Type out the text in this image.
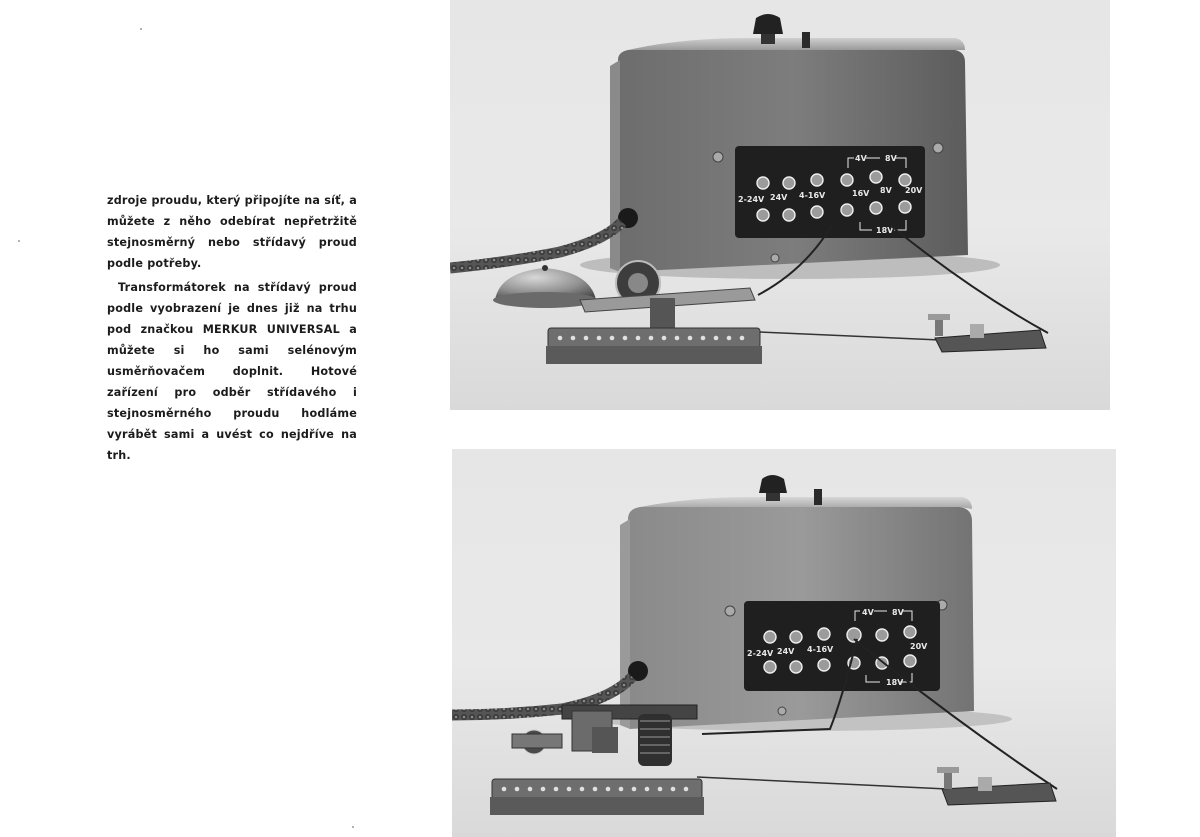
zdroje proudu, který připojíte na síť, a můžete z něho odebírat nepřetržitě stejnosměrný nebo střídavý proud podle potřeby.

Transformátorek na střídavý proud podle vyobrazení je dnes již na trhu pod značkou MERKUR UNIVERSAL a můžete si ho sami selénovým usměrňovačem doplnit. Hotové zařízení pro odběr střídavého i stejnosměrného proudu hodláme vyrábět sami a uvést co nejdříve na trh.

2-24V 24V 4-16V	16V	20V
4V 8V
8V
18V
2-24V 24V 4-16V	20V
4V 8V
18V
